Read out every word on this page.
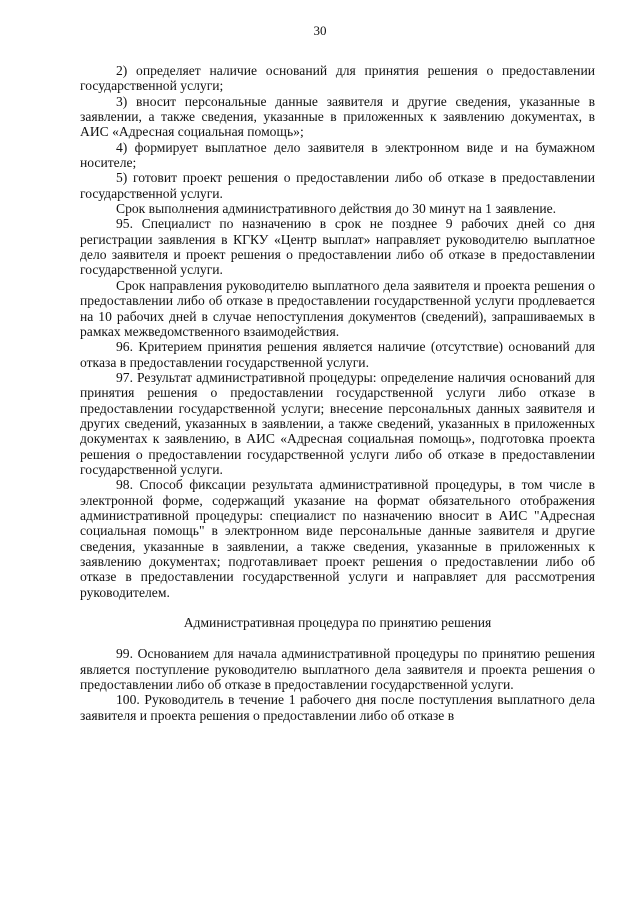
30

2) определяет наличие оснований для принятия решения о предоставлении государственной услуги;

3) вносит персональные данные заявителя и другие сведения, указанные в заявлении, а также сведения, указанные в приложенных к заявлению документах, в АИС «Адресная социальная помощь»;

4) формирует выплатное дело заявителя в электронном виде и на бумажном носителе;

5) готовит проект решения о предоставлении либо об отказе в предоставлении государственной услуги.

Срок выполнения административного действия до 30 минут на 1 заявление.

95. Специалист по назначению в срок не позднее 9 рабочих дней со дня регистрации заявления в КГКУ «Центр выплат» направляет руководителю выплатное дело заявителя и проект решения о предоставлении либо об отказе в предоставлении государственной услуги.

Срок направления руководителю выплатного дела заявителя и проекта решения о предоставлении либо об отказе в предоставлении государственной услуги продлевается на 10 рабочих дней в случае непоступления документов (сведений), запрашиваемых в рамках межведомственного взаимодействия.

96. Критерием принятия решения является наличие (отсутствие) оснований для отказа в предоставлении государственной услуги.

97. Результат административной процедуры: определение наличия оснований для принятия решения о предоставлении государственной услуги либо отказе в предоставлении государственной услуги; внесение персональных данных заявителя и других сведений, указанных в заявлении, а также сведений, указанных в приложенных документах к заявлению, в АИС «Адресная социальная помощь», подготовка проекта решения о предоставлении государственной услуги либо об отказе в предоставлении государственной услуги.

98. Способ фиксации результата административной процедуры, в том числе в электронной форме, содержащий указание на формат обязательного отображения административной процедуры: специалист по назначению вносит в АИС "Адресная социальная помощь" в электронном виде персональные данные заявителя и другие сведения, указанные в заявлении, а также сведения, указанные в приложенных к заявлению документах; подготавливает проект решения о предоставлении либо об отказе в предоставлении государственной услуги и направляет для рассмотрения руководителем.

Административная процедура по принятию решения

99. Основанием для начала административной процедуры по принятию решения является поступление руководителю выплатного дела заявителя и проекта решения о предоставлении либо об отказе в предоставлении государственной услуги.

100. Руководитель в течение 1 рабочего дня после поступления выплатного дела заявителя и проекта решения о предоставлении либо об отказе в
